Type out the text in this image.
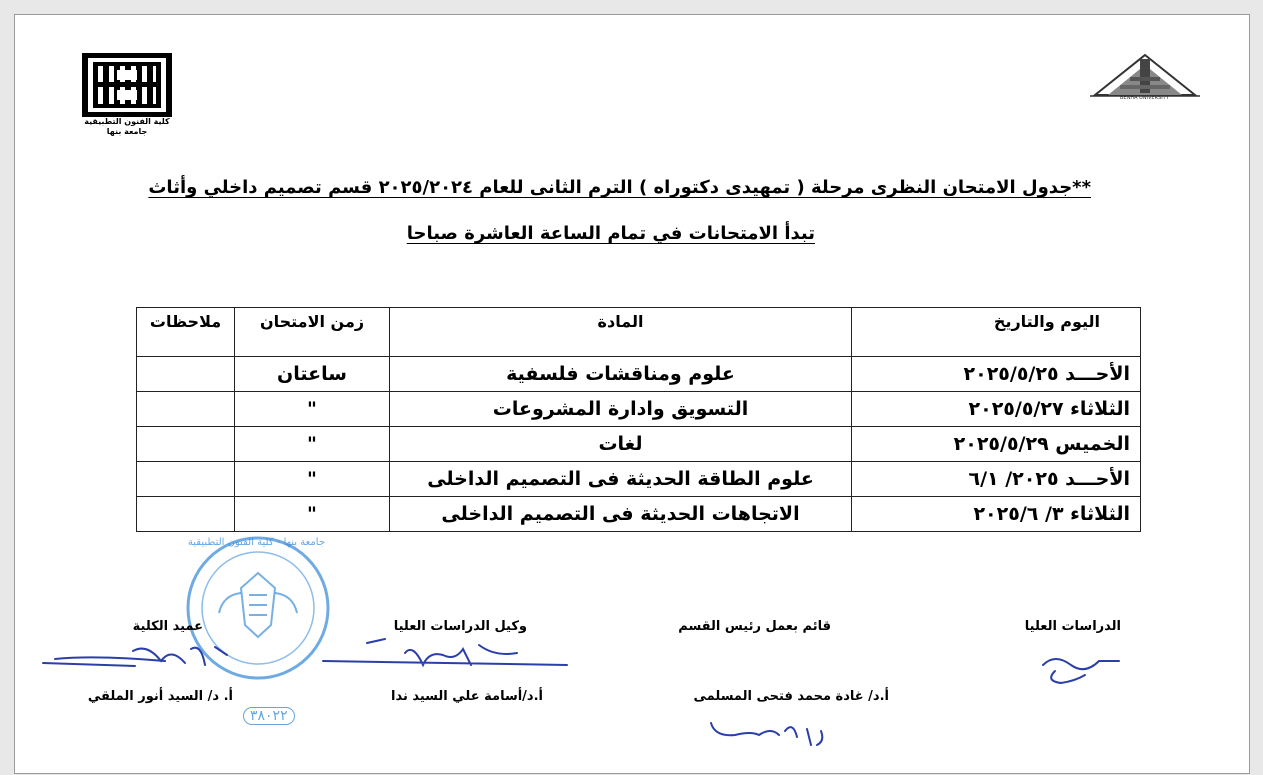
كلية الفنون التطبيقية
جامعة بنها
BENHA UNIVERSITY
**جدول الامتحان النظرى مرحلة ( تمهيدى دكتوراه ) الترم الثانى للعام ٢٠٢٥/٢٠٢٤ قسم تصميم داخلي وأثاث
تبدأ الامتحانات في تمام الساعة العاشرة صباحا
اليوم والتاريخ	المادة	زمن الامتحان	ملاحظات
الأحـــد ٢٠٢٥/٥/٢٥	علوم ومناقشات فلسفية	ساعتان	
الثلاثاء ٢٠٢٥/٥/٢٧	التسويق وادارة المشروعات	"	
الخميس ٢٠٢٥/٥/٢٩	لغات	"	
الأحـــد ٢٠٢٥/ ٦/١	علوم الطاقة الحديثة فى التصميم الداخلى	"	
الثلاثاء ٣/ ٢٠٢٥/٦	الاتجاهات الحديثة فى التصميم الداخلى	"	
جامعة بنها - كلية الفنون التطبيقية
٣٨٠٢٢
الدراسات العليا
قائم بعمل رئيس القسم
وكيل الدراسات العليا
عميد الكلية
أ.د/ غادة محمد فتحى المسلمى
أ.د/أسامة علي السيد ندا
أ. د/ السيد أنور الملقي
